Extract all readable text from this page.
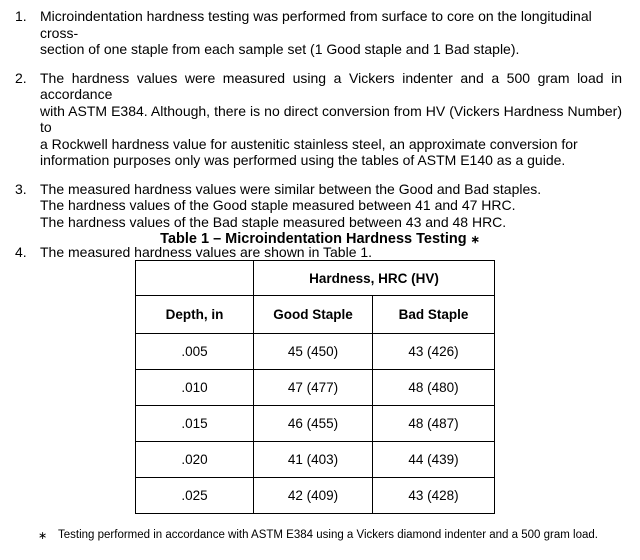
1. Microindentation hardness testing was performed from surface to core on the longitudinal cross-

section of one staple from each sample set (1 Good staple and 1 Bad staple).

2. The hardness values were measured using a Vickers indenter and a 500 gram load in accordance

with ASTM E384. Although, there is no direct conversion from HV (Vickers Hardness Number) to

a Rockwell hardness value for austenitic stainless steel, an approximate conversion for

information purposes only was performed using the tables of ASTM E140 as a guide.

3. The measured hardness values were similar between the Good and Bad staples.

The hardness values of the Good staple measured between 41 and 47 HRC.

The hardness values of the Bad staple measured between 43 and 48 HRC.

4. The measured hardness values are shown in Table 1.

Table 1 – Microindentation Hardness Testing ∗
	Hardness, HRC (HV)	
Depth, in	Good Staple	Bad Staple
.005	45 (450)	43 (426)
.010	47 (477)	48 (480)
.015	46 (455)	48 (487)
.020	41 (403)	44 (439)
.025	42 (409)	43 (428)
∗ Testing performed in accordance with ASTM E384 using a Vickers diamond indenter and a 500 gram load.
